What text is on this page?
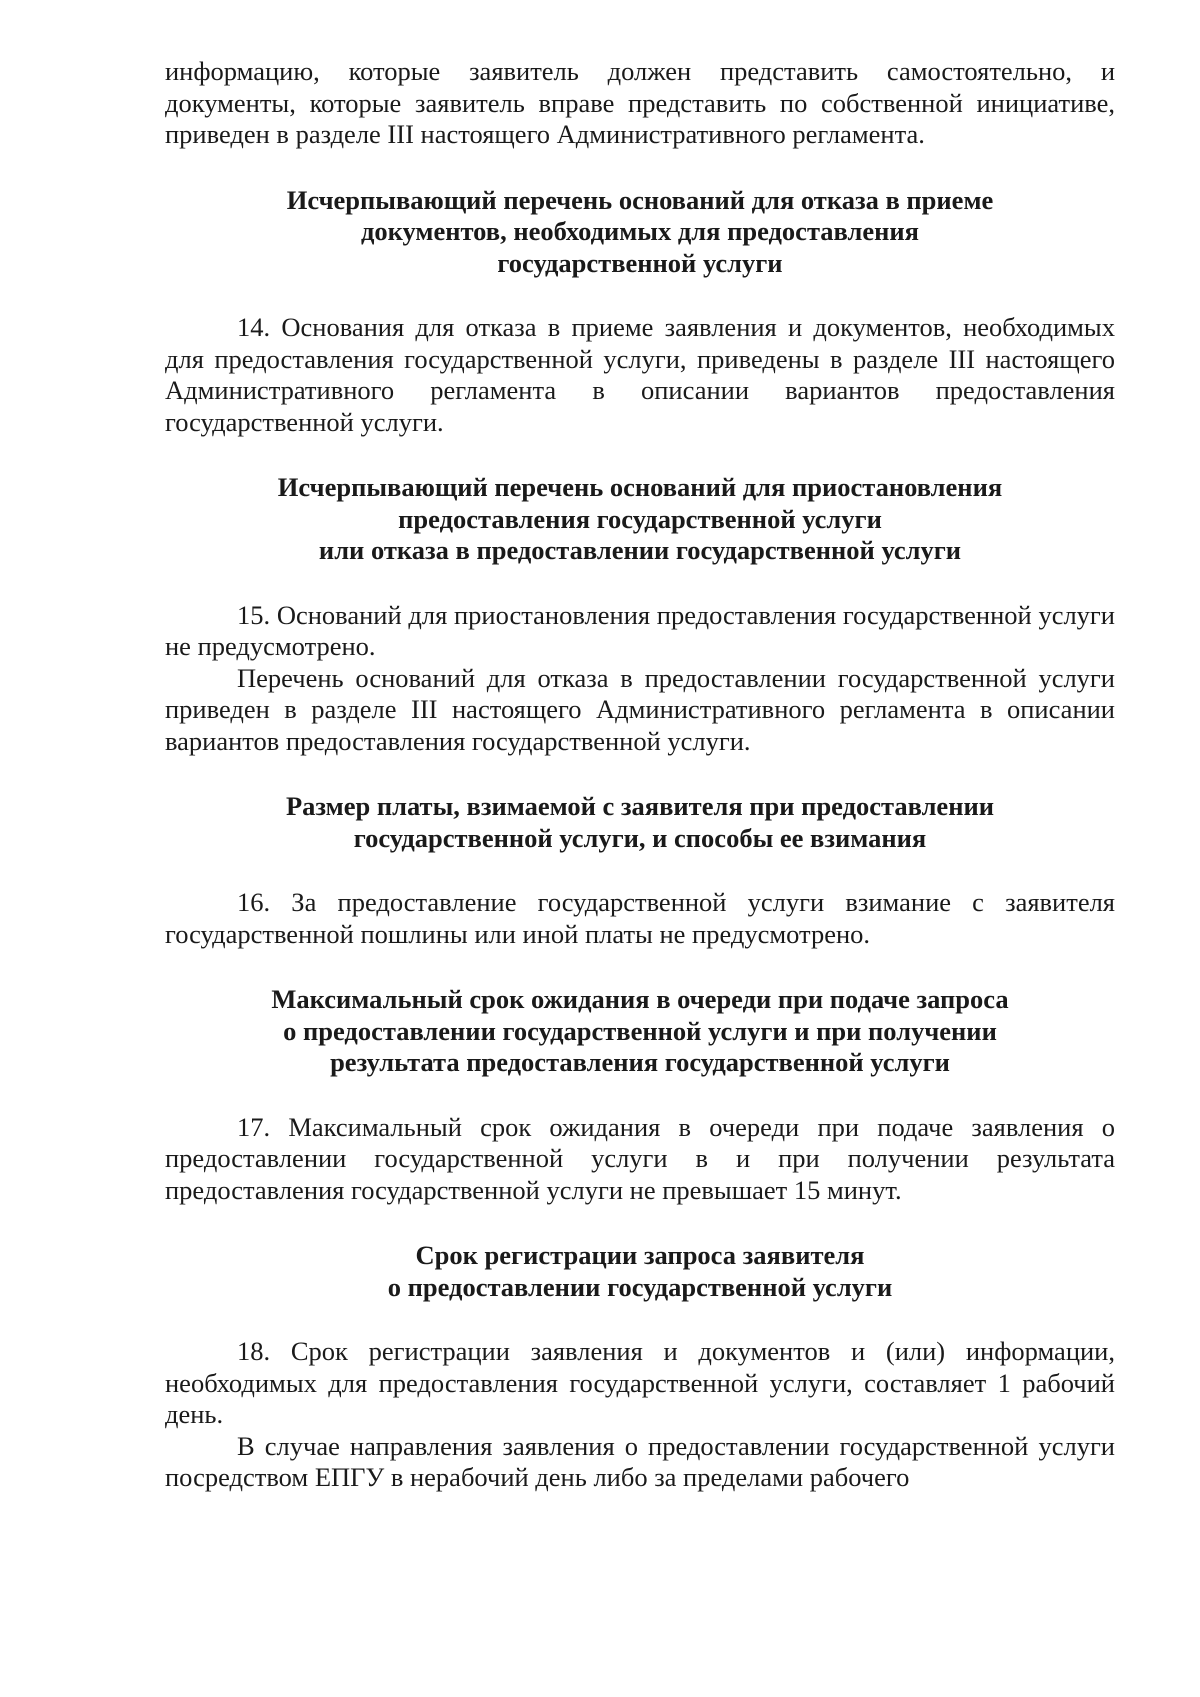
информацию, которые заявитель должен представить самостоятельно, и документы, которые заявитель вправе представить по собственной инициативе, приведен в разделе III настоящего Административного регламента.

Исчерпывающий перечень оснований для отказа в приеме
документов, необходимых для предоставления
государственной услуги

14. Основания для отказа в приеме заявления и документов, необходимых для предоставления государственной услуги, приведены в разделе III настоящего Административного регламента в описании вариантов предоставления государственной услуги.

Исчерпывающий перечень оснований для приостановления
предоставления государственной услуги
или отказа в предоставлении государственной услуги

15. Оснований для приостановления предоставления государственной услуги не предусмотрено.

Перечень оснований для отказа в предоставлении государственной услуги приведен в разделе III настоящего Административного регламента в описании вариантов предоставления государственной услуги.

Размер платы, взимаемой с заявителя при предоставлении
государственной услуги, и способы ее взимания

16. За предоставление государственной услуги взимание с заявителя государственной пошлины или иной платы не предусмотрено.

Максимальный срок ожидания в очереди при подаче запроса
о предоставлении государственной услуги и при получении
результата предоставления государственной услуги

17. Максимальный срок ожидания в очереди при подаче заявления о предоставлении государственной услуги в и при получении результата предоставления государственной услуги не превышает 15 минут.

Срок регистрации запроса заявителя
о предоставлении государственной услуги

18. Срок регистрации заявления и документов и (или) информации, необходимых для предоставления государственной услуги, составляет 1 рабочий день.

В случае направления заявления о предоставлении государственной услуги посредством ЕПГУ в нерабочий день либо за пределами рабочего
